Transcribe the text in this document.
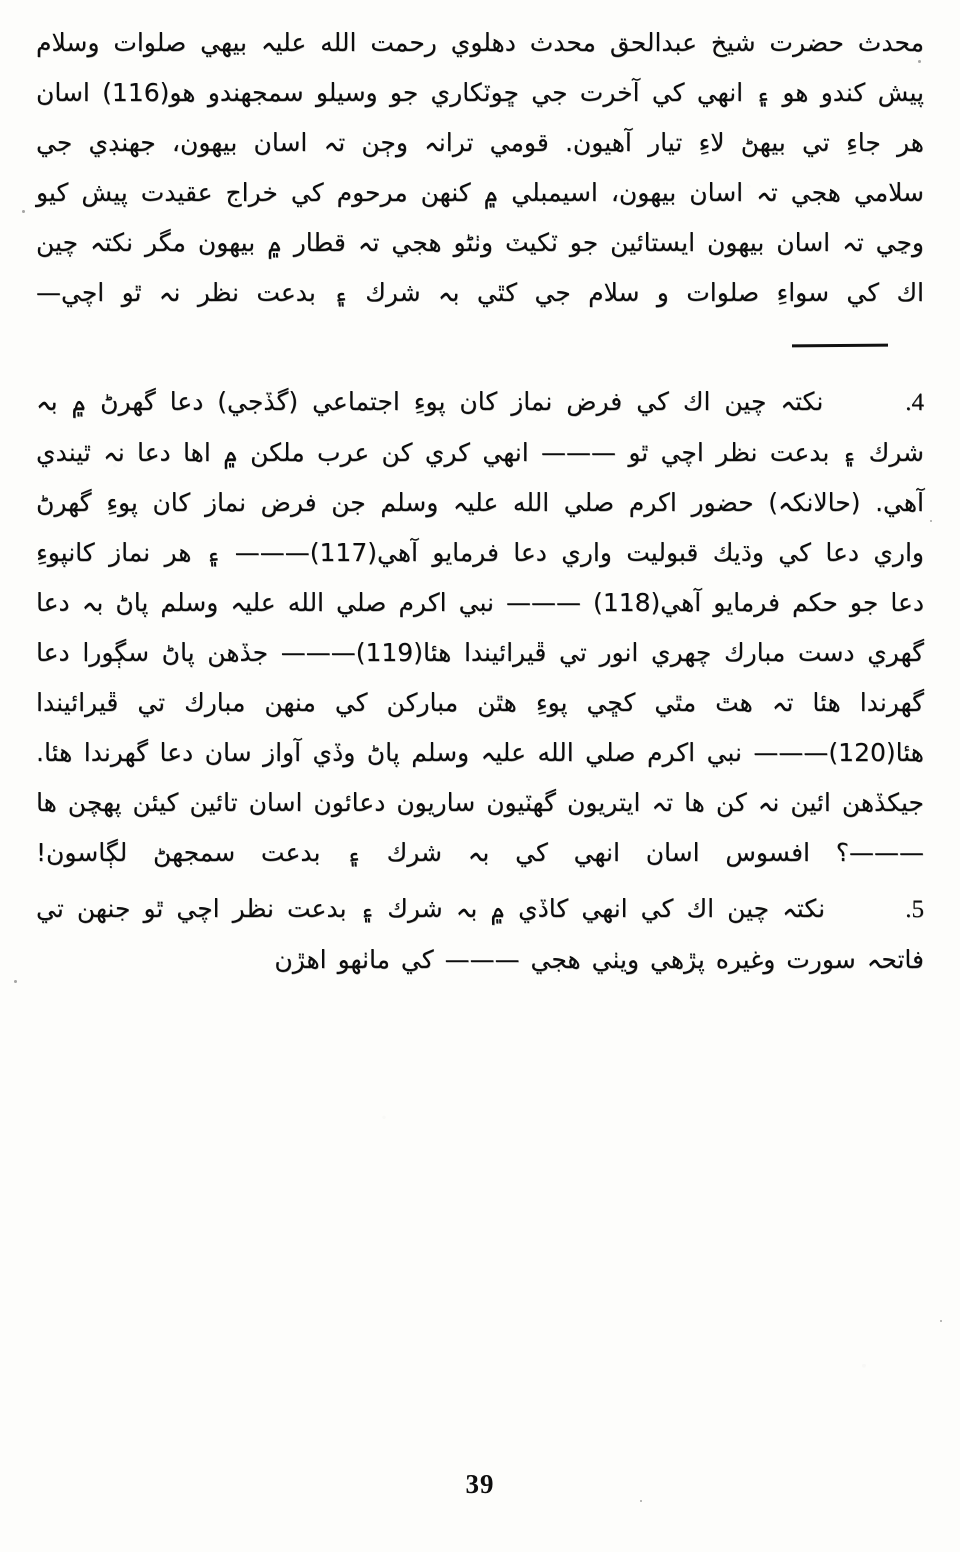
محدث حضرت شيخ عبدالحق محدث دهلوي رحمت الله عليہ بيهي صلوات وسلام پيش كندو هو ۽ انهي كي آخرت جي ڇوٽكاري جو وسيلو سمجهندو هو(116) اسان هر جاءِ تي بيهڻ لاءِ تيار آهيون. قومي ترانہ وڄن تہ اسان بيهون، جهنڊي جي سلامي هجي تہ اسان بيهون، اسيمبلي ۾ كنهن مرحوم كي خراج عقيدت پيش كيو وڃي تہ اسان بيهون ايستائين جو ٽكيٽ وٺڻو هجي تہ قطار ۾ بيهون مگر نكتہ چين اك كي سواءِ صلوات و سلام جي كٿي بہ شرك ۽ بدعت نظر نہ ٿو اچي—

4.  نكتہ چين اك كي فرض نماز كان پوءِ اجتماعي (گڏجي) دعا گهرڻ ۾ بہ شرك ۽ بدعت نظر اچي ٿو ——— انهي كري كن عرب ملكن ۾ اها دعا نہ ٿيندي آهي. (حالانكہ) حضور اكرم صلي الله عليہ وسلم جن فرض نماز كان پوءِ گهرڻ واري دعا كي وڌيك قبوليت واري دعا فرمايو آهي(117)——— ۽ هر نماز كانپوءِ دعا جو حكم فرمايو آهي(118) ——— نبي اكرم صلي الله عليہ وسلم پاڻ بہ دعا گهري دست مبارك چهري انور تي ڦيرائيندا هئا(119)——— جڏهن پاڻ سڳورا دعا گهرندا هئا تہ هٿ مٿي كڇي پوءِ هٿن مباركن كي منهن مبارك تي ڦيرائيندا هئا(120)——— نبي اكرم صلي الله عليہ وسلم پاڻ وڏي آواز سان دعا گهرندا هئا. جيكڏهن ائين نہ كن ها تہ ايتريون گهٽيون ساريون دعائون اسان تائين كيئن پهچن ها———؟ افسوس اسان انهي كي بہ شرك ۽ بدعت سمجهڻ لڳاسون!

5.  نكتہ چين اك كي انهي كاڏي ۾ بہ شرك ۽ بدعت نظر اچي ٿو جنهن تي فاتحہ سورت وغيره پڙهي ويٺي هجي ——— كي ماٺهو اهڙن

39
